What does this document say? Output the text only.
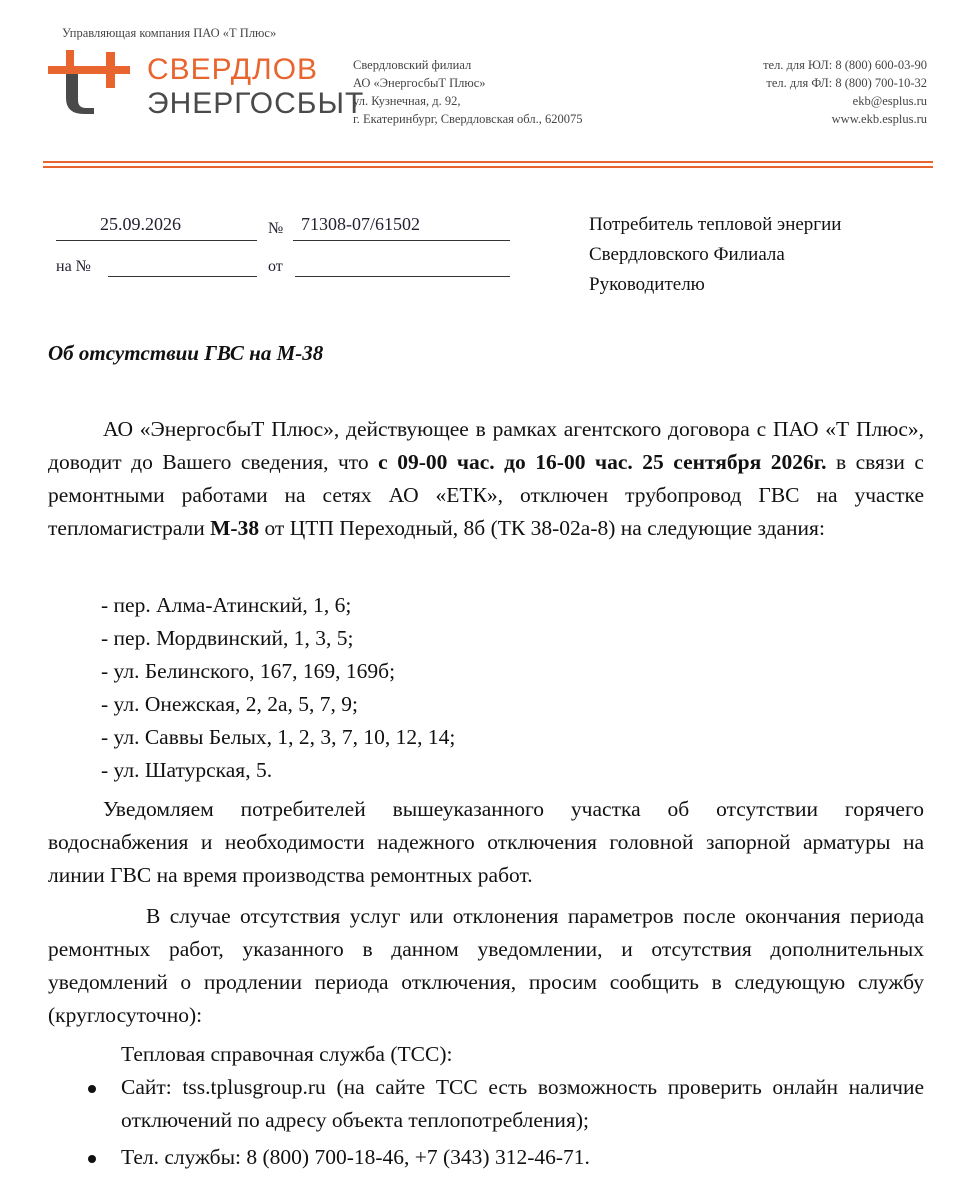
Управляющая компания ПАО «Т Плюс»
СВЕРДЛОВ
ЭНЕРГОСБЫТ
Свердловский филиал
АО «ЭнергосбыТ Плюс»
ул. Кузнечная, д. 92,
г. Екатеринбург, Свердловская обл., 620075
тел. для ЮЛ: 8 (800) 600-03-90
тел. для ФЛ: 8 (800) 700-10-32
ekb@esplus.ru
www.ekb.esplus.ru
25.09.2026	№ 71308-07/61502
на №	от
Потребитель тепловой энергии
Свердловского Филиала
Руководителю
Об отсутствии ГВС на М-38
АО «ЭнергосбыТ Плюс», действующее в рамках агентского договора с ПАО «Т Плюс», доводит до Вашего сведения, что с 09-00 час. до 16-00 час. 25 сентября 2026г. в связи с ремонтными работами на сетях АО «ЕТК», отключен трубопровод ГВС на участке тепломагистрали М-38 от ЦТП Переходный, 8б (ТК 38-02а-8) на следующие здания:
- пер. Алма-Атинский, 1, 6;
- пер. Мордвинский, 1, 3, 5;
- ул. Белинского, 167, 169, 169б;
- ул. Онежская, 2, 2а, 5, 7, 9;
- ул. Саввы Белых, 1, 2, 3, 7, 10, 12, 14;
- ул. Шатурская, 5.
Уведомляем потребителей вышеуказанного участка об отсутствии горячего водоснабжения и необходимости надежного отключения головной запорной арматуры на линии ГВС на время производства ремонтных работ.
В случае отсутствия услуг или отклонения параметров после окончания периода ремонтных работ, указанного в данном уведомлении, и отсутствия дополнительных уведомлений о продлении периода отключения, просим сообщить в следующую службу (круглосуточно):
Тепловая справочная служба (ТСС):
Сайт: tss.tplusgroup.ru (на сайте ТСС есть возможность проверить онлайн наличие отключений по адресу объекта теплопотребления);
Тел. службы: 8 (800) 700-18-46, +7 (343) 312-46-71.
